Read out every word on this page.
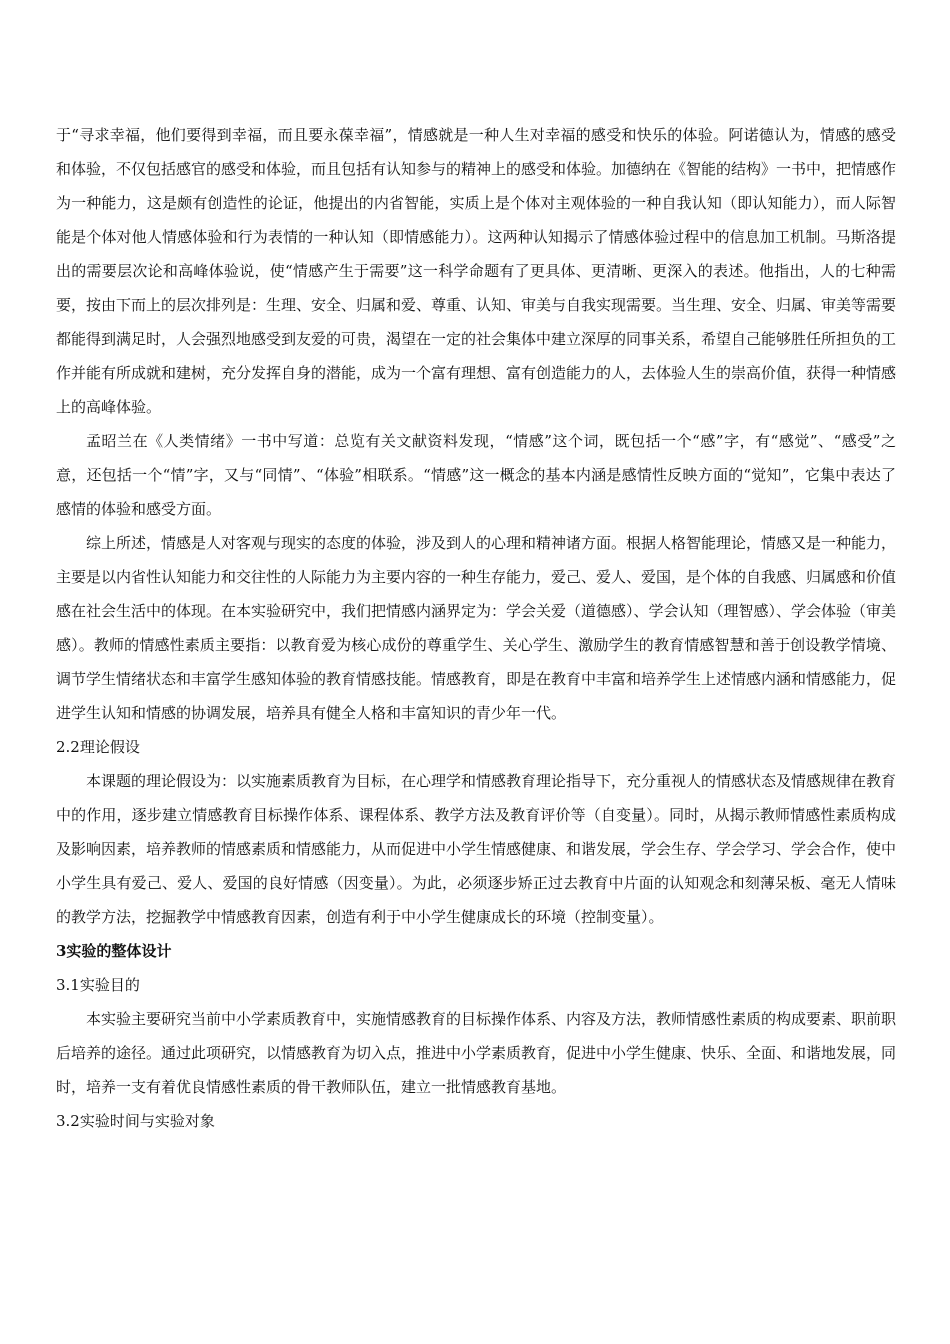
于“寻求幸福，他们要得到幸福，而且要永葆幸福”，情感就是一种人生对幸福的感受和快乐的体验。阿诺德认为，情感的感受和体验，不仅包括感官的感受和体验，而且包括有认知参与的精神上的感受和体验。加德纳在《智能的结构》一书中，把情感作为一种能力，这是颇有创造性的论证，他提出的内省智能，实质上是个体对主观体验的一种自我认知（即认知能力），而人际智能是个体对他人情感体验和行为表情的一种认知（即情感能力）。这两种认知揭示了情感体验过程中的信息加工机制。马斯洛提出的需要层次论和高峰体验说，使“情感产生于需要”这一科学命题有了更具体、更清晰、更深入的表述。他指出，人的七种需要，按由下而上的层次排列是：生理、安全、归属和爱、尊重、认知、审美与自我实现需要。当生理、安全、归属、审美等需要都能得到满足时，人会强烈地感受到友爱的可贵，渴望在一定的社会集体中建立深厚的同事关系，希望自己能够胜任所担负的工作并能有所成就和建树，充分发挥自身的潜能，成为一个富有理想、富有创造能力的人，去体验人生的崇高价值，获得一种情感上的高峰体验。

孟昭兰在《人类情绪》一书中写道：总览有关文献资料发现，“情感”这个词，既包括一个“感”字，有“感觉”、“感受”之意，还包括一个“情”字，又与“同情”、“体验”相联系。“情感”这一概念的基本内涵是感情性反映方面的“觉知”，它集中表达了感情的体验和感受方面。

综上所述，情感是人对客观与现实的态度的体验，涉及到人的心理和精神诸方面。根据人格智能理论，情感又是一种能力，主要是以内省性认知能力和交往性的人际能力为主要内容的一种生存能力，爱己、爱人、爱国，是个体的自我感、归属感和价值感在社会生活中的体现。在本实验研究中，我们把情感内涵界定为：学会关爱（道德感）、学会认知（理智感）、学会体验（审美感）。教师的情感性素质主要指：以教育爱为核心成份的尊重学生、关心学生、激励学生的教育情感智慧和善于创设教学情境、调节学生情绪状态和丰富学生感知体验的教育情感技能。情感教育，即是在教育中丰富和培养学生上述情感内涵和情感能力，促进学生认知和情感的协调发展，培养具有健全人格和丰富知识的青少年一代。

2.2理论假设

本课题的理论假设为：以实施素质教育为目标，在心理学和情感教育理论指导下，充分重视人的情感状态及情感规律在教育中的作用，逐步建立情感教育目标操作体系、课程体系、教学方法及教育评价等（自变量）。同时，从揭示教师情感性素质构成及影响因素，培养教师的情感素质和情感能力，从而促进中小学生情感健康、和谐发展，学会生存、学会学习、学会合作，使中小学生具有爱己、爱人、爱国的良好情感（因变量）。为此，必须逐步矫正过去教育中片面的认知观念和刻薄呆板、毫无人情味的教学方法，挖掘教学中情感教育因素，创造有利于中小学生健康成长的环境（控制变量）。

3实验的整体设计

3.1实验目的

本实验主要研究当前中小学素质教育中，实施情感教育的目标操作体系、内容及方法，教师情感性素质的构成要素、职前职后培养的途径。通过此项研究，以情感教育为切入点，推进中小学素质教育，促进中小学生健康、快乐、全面、和谐地发展，同时，培养一支有着优良情感性素质的骨干教师队伍，建立一批情感教育基地。

3.2实验时间与实验对象
